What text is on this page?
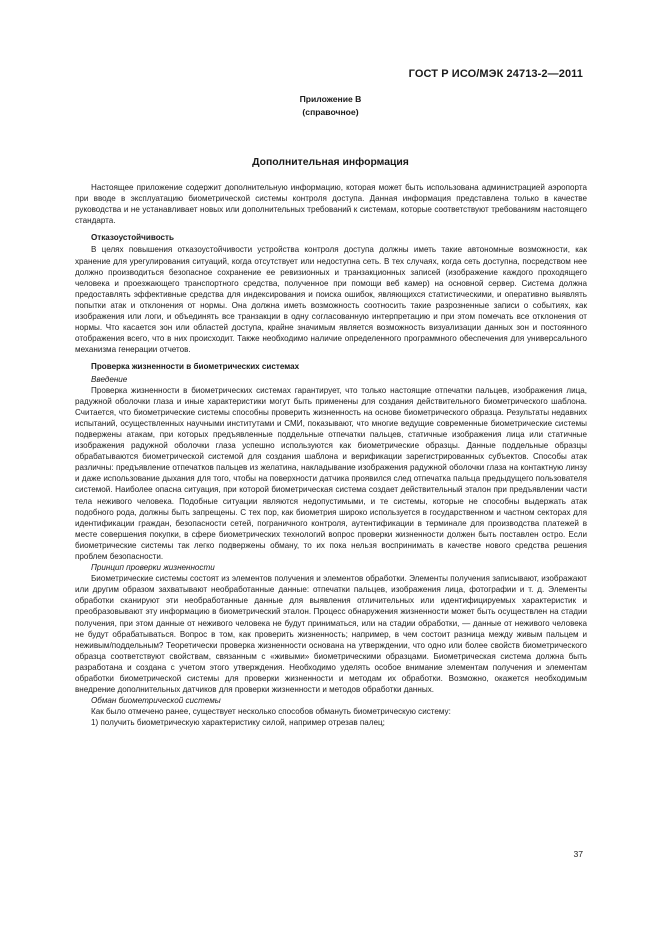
ГОСТ Р ИСО/МЭК 24713-2—2011
Приложение В
(справочное)
Дополнительная информация

Настоящее приложение содержит дополнительную информацию, которая может быть использована администрацией аэропорта при вводе в эксплуатацию биометрической системы контроля доступа. Данная информация представлена только в качестве руководства и не устанавливает новых или дополнительных требований к системам, которые соответствуют требованиям настоящего стандарта.

Отказоустойчивость

В целях повышения отказоустойчивости устройства контроля доступа должны иметь такие автономные возможности, как хранение для урегулирования ситуаций, когда отсутствует или недоступна сеть. В тех случаях, когда сеть доступна, посредством нее должно производиться безопасное сохранение ее ревизионных и транзакционных записей (изображение каждого проходящего человека и проезжающего транспортного средства, полученное при помощи веб камер) на основной сервер. Система должна предоставлять эффективные средства для индексирования и поиска ошибок, являющихся статистическими, и оперативно выявлять попытки атак и отклонения от нормы. Она должна иметь возможность соотносить такие разрозненные записи о событиях, как изображения или логи, и объединять все транзакции в одну согласованную интерпретацию и при этом помечать все отклонения от нормы. Что касается зон или областей доступа, крайне значимым является возможность визуализации данных зон и постоянного отображения всего, что в них происходит. Также необходимо наличие определенного программного обеспечения для универсального механизма генерации отчетов.

Проверка жизненности в биометрических системах
Введение

Проверка жизненности в биометрических системах гарантирует, что только настоящие отпечатки пальцев, изображения лица, радужной оболочки глаза и иные характеристики могут быть применены для создания действительного биометрического шаблона. Считается, что биометрические системы способны проверить жизненность на основе биометрического образца. Результаты недавних испытаний, осуществленных научными институтами и СМИ, показывают, что многие ведущие современные биометрические системы подвержены атакам, при которых предъявленные поддельные отпечатки пальцев, статичные изображения лица или статичные изображения радужной оболочки глаза успешно используются как биометрические образцы. Данные поддельные образцы обрабатываются биометрической системой для создания шаблона и верификации зарегистрированных субъектов. Способы атак различны: предъявление отпечатков пальцев из желатина, накладывание изображения радужной оболочки глаза на контактную линзу и даже использование дыхания для того, чтобы на поверхности датчика проявился след отпечатка пальца предыдущего пользователя системой. Наиболее опасна ситуация, при которой биометрическая система создает действительный эталон при предъявлении части тела неживого человека. Подобные ситуации являются недопустимыми, и те системы, которые не способны выдержать атак подобного рода, должны быть запрещены. С тех пор, как биометрия широко используется в государственном и частном секторах для идентификации граждан, безопасности сетей, пограничного контроля, аутентификации в терминале для производства платежей в месте совершения покупки, в сфере биометрических технологий вопрос проверки жизненности должен быть поставлен остро. Если биометрические системы так легко подвержены обману, то их пока нельзя воспринимать в качестве нового средства решения проблем безопасности.

Принцип проверки жизненности

Биометрические системы состоят из элементов получения и элементов обработки. Элементы получения записывают, изображают или другим образом захватывают необработанные данные: отпечатки пальцев, изображения лица, фотографии и т. д. Элементы обработки сканируют эти необработанные данные для выявления отличительных или идентифицируемых характеристик и преобразовывают эту информацию в биометрический эталон. Процесс обнаружения жизненности может быть осуществлен на стадии получения, при этом данные от неживого человека не будут приниматься, или на стадии обработки, — данные от неживого человека не будут обрабатываться. Вопрос в том, как проверить жизненность; например, в чем состоит разница между живым пальцем и неживым/поддельным? Теоретически проверка жизненности основана на утверждении, что одно или более свойств биометрического образца соответствуют свойствам, связанным с «живыми» биометрическими образцами. Биометрическая система должна быть разработана и создана с учетом этого утверждения. Необходимо уделять особое внимание элементам получения и элементам обработки биометрической системы для проверки жизненности и методам их обработки. Возможно, окажется необходимым внедрение дополнительных датчиков для проверки жизненности и методов обработки данных.

Обман биометрической системы

Как было отмечено ранее, существует несколько способов обмануть биометрическую систему:

1) получить биометрическую характеристику силой, например отрезав палец;

37
